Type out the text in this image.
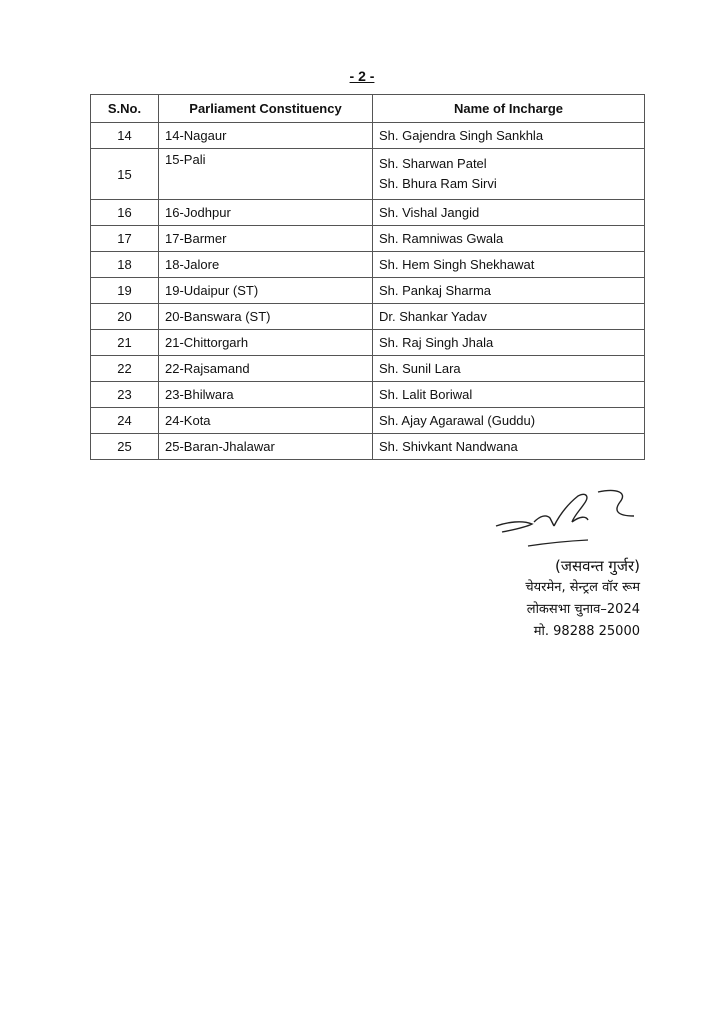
- 2 -
S.No.	Parliament Constituency	Name of Incharge
14	14-Nagaur	Sh. Gajendra Singh Sankhla
15	15-Pali	Sh. Sharwan Patel
Sh. Bhura Ram Sirvi

16	16-Jodhpur	Sh. Vishal Jangid
17	17-Barmer	Sh. Ramniwas Gwala
18	18-Jalore	Sh. Hem Singh Shekhawat
19	19-Udaipur (ST)	Sh. Pankaj Sharma
20	20-Banswara (ST)	Dr. Shankar Yadav
21	21-Chittorgarh	Sh. Raj Singh Jhala
22	22-Rajsamand	Sh. Sunil Lara
23	23-Bhilwara	Sh. Lalit Boriwal
24	24-Kota	Sh. Ajay Agarawal (Guddu)
25	25-Baran-Jhalawar	Sh. Shivkant Nandwana
(जसवन्त गुर्जर)
चेयरमेन, सेन्ट्रल वॉर रूम
लोकसभा चुनाव–2024
मो. 98288 25000
